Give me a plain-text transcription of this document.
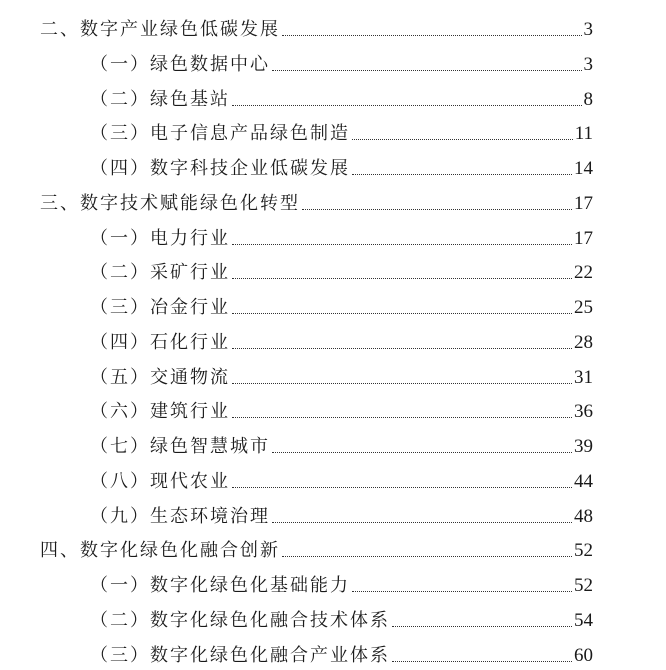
二、数字产业绿色低碳发展	3
（一）绿色数据中心	3
（二）绿色基站	8
（三）电子信息产品绿色制造	11
（四）数字科技企业低碳发展	14
三、数字技术赋能绿色化转型	17
（一）电力行业	17
（二）采矿行业	22
（三）冶金行业	25
（四）石化行业	28
（五）交通物流	31
（六）建筑行业	36
（七）绿色智慧城市	39
（八）现代农业	44
（九）生态环境治理	48
四、数字化绿色化融合创新	52
（一）数字化绿色化基础能力	52
（二）数字化绿色化融合技术体系	54
（三）数字化绿色化融合产业体系	60
